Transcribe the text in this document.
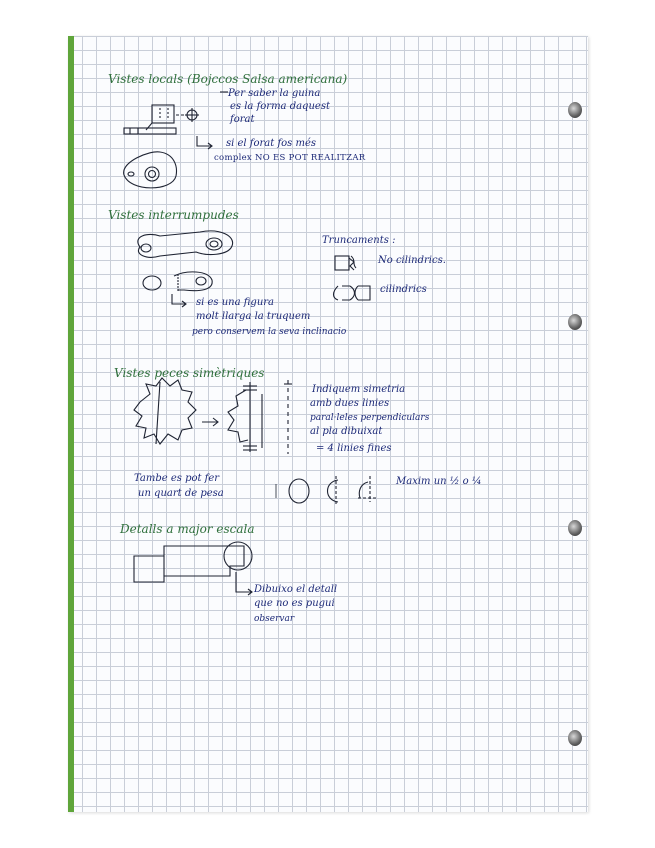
Vistes locals (Bojccos Salsa americana)
Per saber la guina
es la forma daquest
forat
si el forat fos més
complex NO ES POT REALITZAR
Vistes interrumpudes
Truncaments :
No cilindrics.
cilindrics
si es una figura
molt llarga la truquem
pero conservem la seva inclinacio
Vistes peces simètriques
Indiquem simetria
amb dues linies
paral·leles perpendiculars
al pla dibuixat
= 4 linies fines
Tambe es pot fer
un quart de pesa
Maxim un ½ o ¼
Detalls a major escala
Dibuixo el detall
que no es pugui
observar
